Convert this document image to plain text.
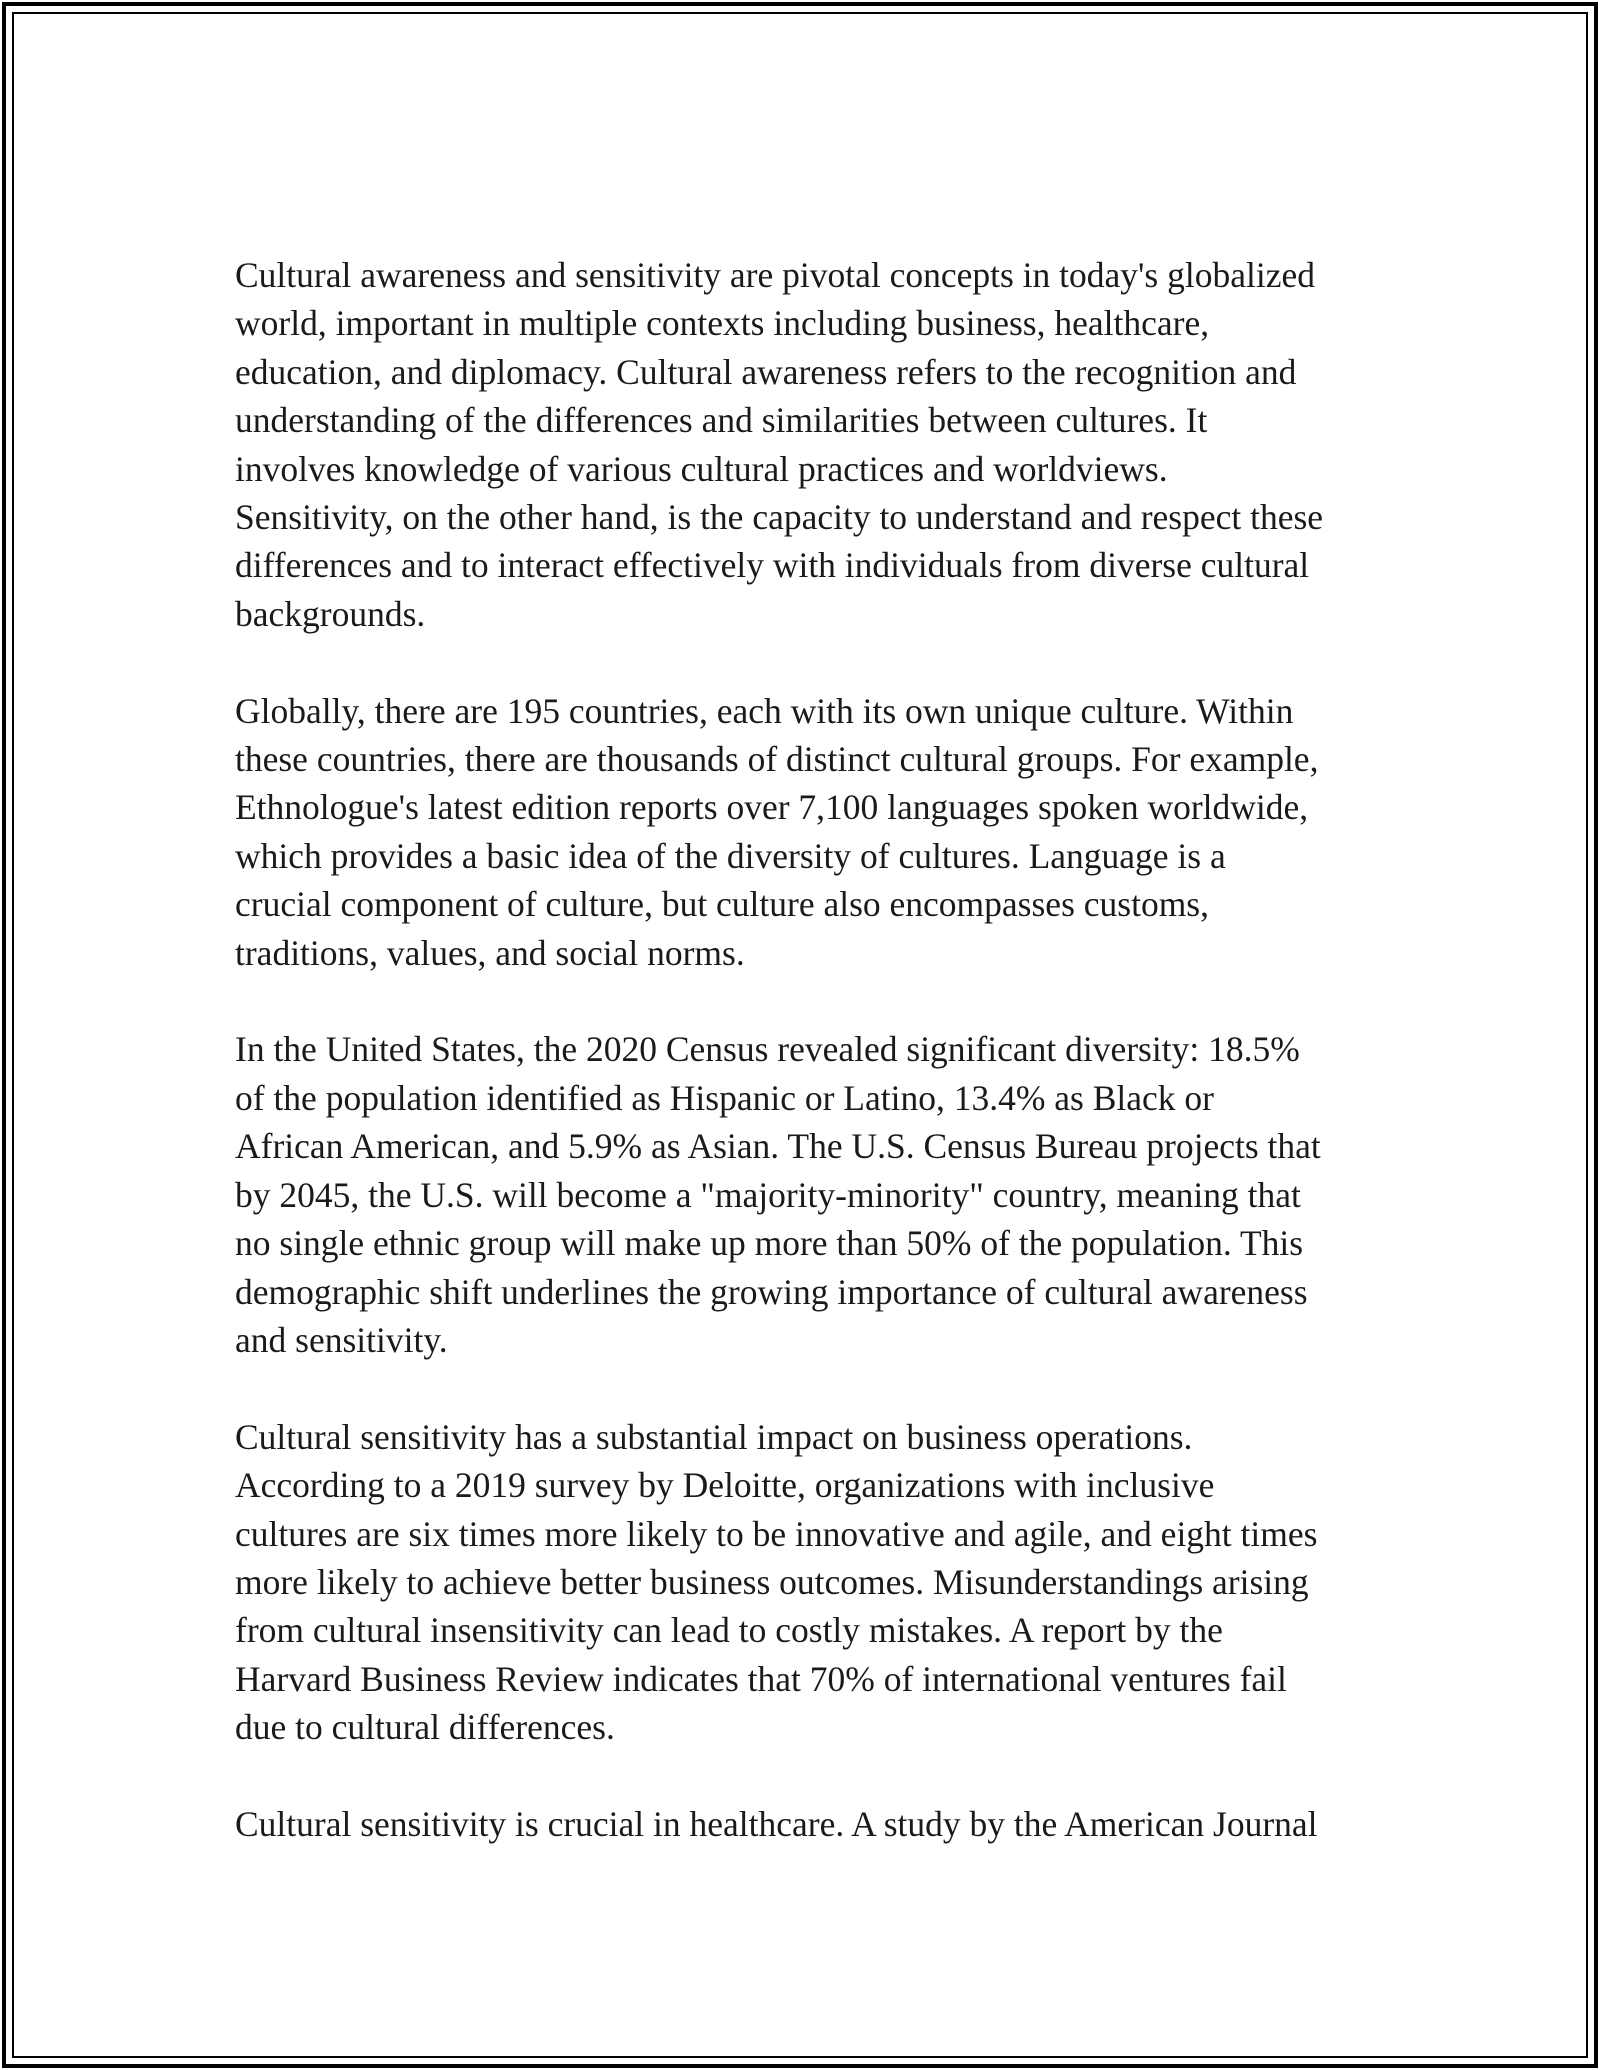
Cultural awareness and sensitivity are pivotal concepts in today's globalized
world, important in multiple contexts including business, healthcare,
education, and diplomacy. Cultural awareness refers to the recognition and
understanding of the differences and similarities between cultures. It
involves knowledge of various cultural practices and worldviews.
Sensitivity, on the other hand, is the capacity to understand and respect these
differences and to interact effectively with individuals from diverse cultural
backgrounds.

Globally, there are 195 countries, each with its own unique culture. Within
these countries, there are thousands of distinct cultural groups. For example,
Ethnologue's latest edition reports over 7,100 languages spoken worldwide,
which provides a basic idea of the diversity of cultures. Language is a
crucial component of culture, but culture also encompasses customs,
traditions, values, and social norms.

In the United States, the 2020 Census revealed significant diversity: 18.5%
of the population identified as Hispanic or Latino, 13.4% as Black or
African American, and 5.9% as Asian. The U.S. Census Bureau projects that
by 2045, the U.S. will become a "majority-minority" country, meaning that
no single ethnic group will make up more than 50% of the population. This
demographic shift underlines the growing importance of cultural awareness
and sensitivity.

Cultural sensitivity has a substantial impact on business operations.
According to a 2019 survey by Deloitte, organizations with inclusive
cultures are six times more likely to be innovative and agile, and eight times
more likely to achieve better business outcomes. Misunderstandings arising
from cultural insensitivity can lead to costly mistakes. A report by the
Harvard Business Review indicates that 70% of international ventures fail
due to cultural differences.

Cultural sensitivity is crucial in healthcare. A study by the American Journal
